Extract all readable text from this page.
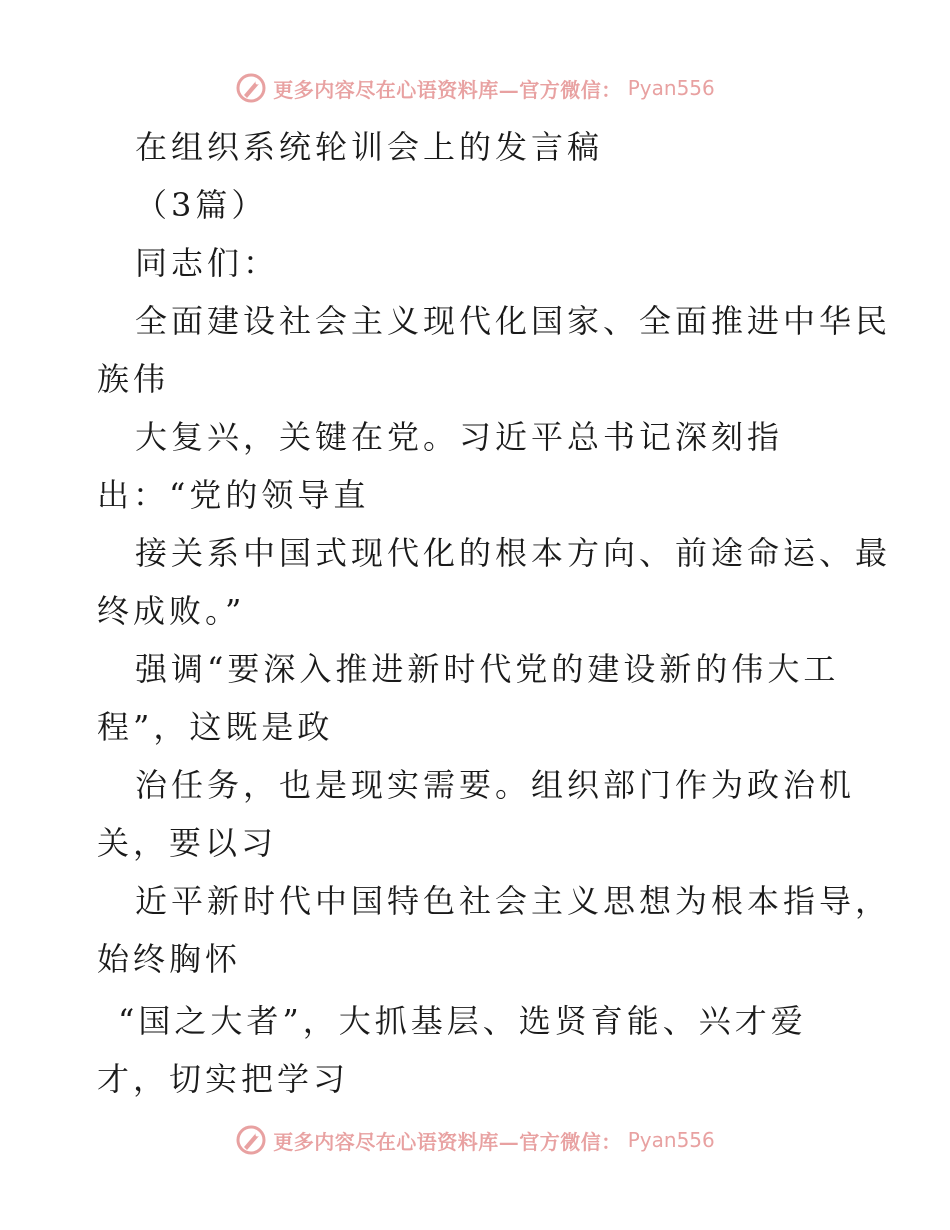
更多内容尽在心语资料库—官方微信： Pyan556
在组织系统轮训会上的发言稿
（3篇）
同志们：
全面建设社会主义现代化国家、全面推进中华民
族伟
大复兴，关键在党。习近平总书记深刻指
出：“党的领导直
接关系中国式现代化的根本方向、前途命运、最
终成败。”
强调“要深入推进新时代党的建设新的伟大工
程”，这既是政
治任务，也是现实需要。组织部门作为政治机
关，要以习
近平新时代中国特色社会主义思想为根本指导，
始终胸怀
“国之大者”，大抓基层、选贤育能、兴才爱
才，切实把学习
更多内容尽在心语资料库—官方微信： Pyan556
